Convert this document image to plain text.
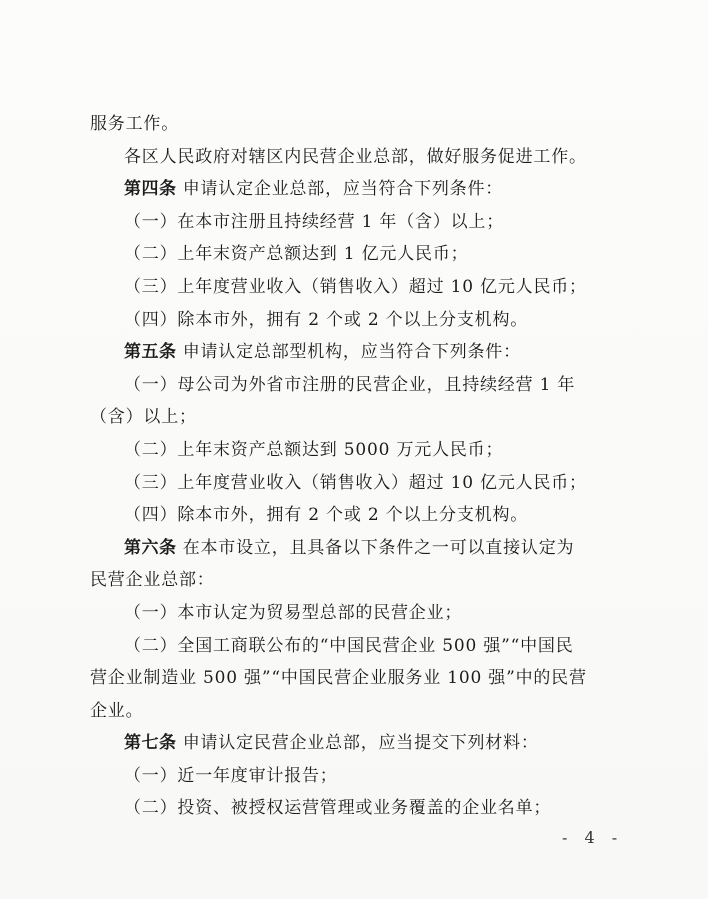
服务工作。
各区人民政府对辖区内民营企业总部，做好服务促进工作。
第四条 申请认定企业总部，应当符合下列条件：
（一）在本市注册且持续经营 1 年（含）以上；
（二）上年末资产总额达到 1 亿元人民币；
（三）上年度营业收入（销售收入）超过 10 亿元人民币；
（四）除本市外，拥有 2 个或 2 个以上分支机构。
第五条 申请认定总部型机构，应当符合下列条件：
（一）母公司为外省市注册的民营企业，且持续经营 1 年
（含）以上；
（二）上年末资产总额达到 5000 万元人民币；
（三）上年度营业收入（销售收入）超过 10 亿元人民币；
（四）除本市外，拥有 2 个或 2 个以上分支机构。
第六条 在本市设立，且具备以下条件之一可以直接认定为
民营企业总部：
（一）本市认定为贸易型总部的民营企业；
（二）全国工商联公布的“中国民营企业 500 强”“中国民
营企业制造业 500 强”“中国民营企业服务业 100 强”中的民营
企业。
第七条 申请认定民营企业总部，应当提交下列材料：
（一）近一年度审计报告；
（二）投资、被授权运营管理或业务覆盖的企业名单；
- 4 -
